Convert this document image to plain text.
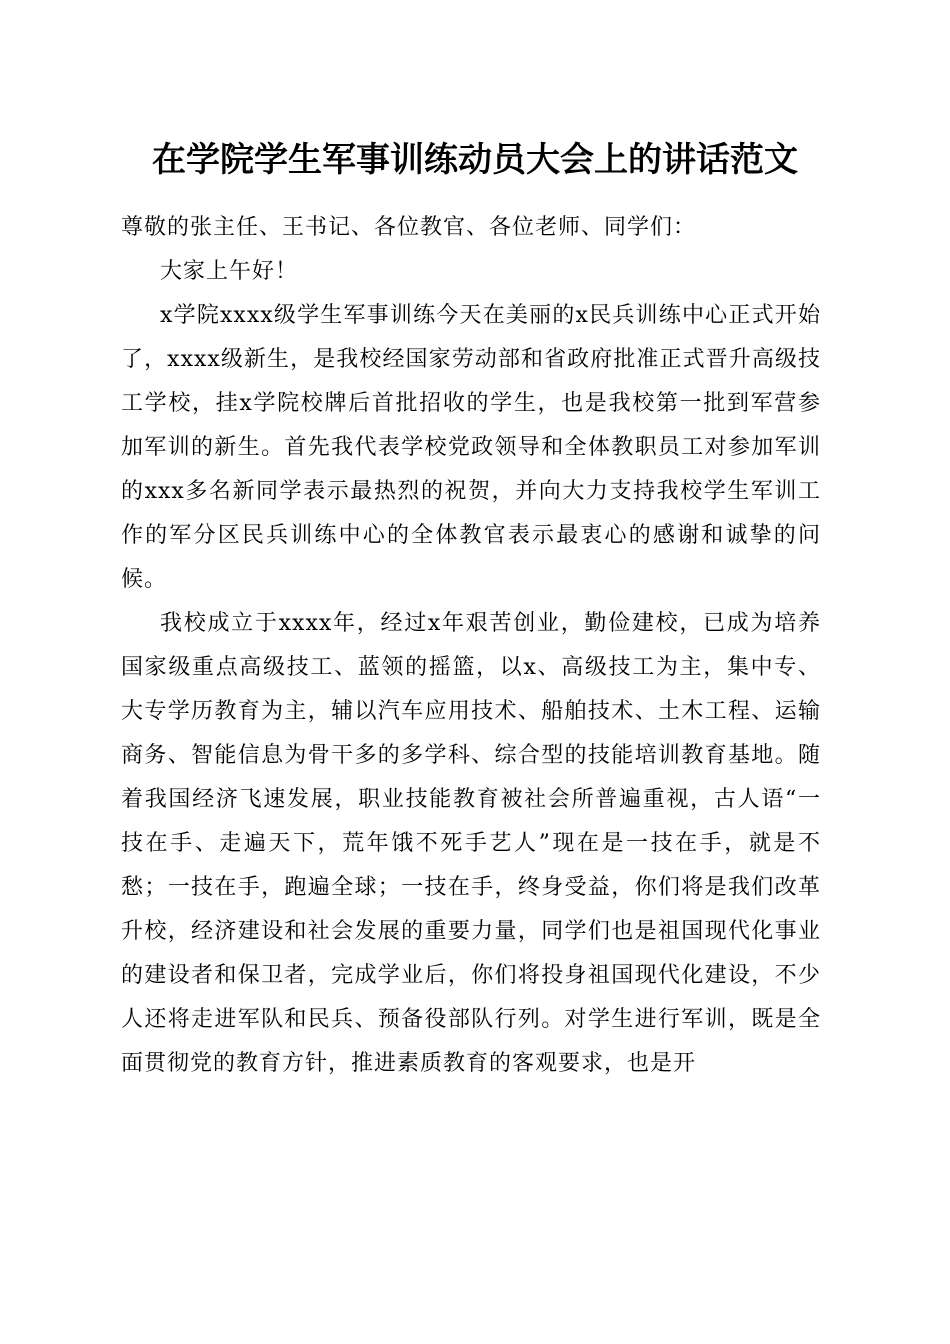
在学院学生军事训练动员大会上的讲话范文

尊敬的张主任、王书记、各位教官、各位老师、同学们：

大家上午好！

x学院xxxx级学生军事训练今天在美丽的x民兵训练中心正式开始了，xxxx级新生，是我校经国家劳动部和省政府批准正式晋升高级技工学校，挂x学院校牌后首批招收的学生，也是我校第一批到军营参加军训的新生。首先我代表学校党政领导和全体教职员工对参加军训的xxx多名新同学表示最热烈的祝贺，并向大力支持我校学生军训工作的军分区民兵训练中心的全体教官表示最衷心的感谢和诚挚的问候。

我校成立于xxxx年，经过x年艰苦创业，勤俭建校，已成为培养国家级重点高级技工、蓝领的摇篮，以x、高级技工为主，集中专、大专学历教育为主，辅以汽车应用技术、船舶技术、土木工程、运输商务、智能信息为骨干多的多学科、综合型的技能培训教育基地。随着我国经济飞速发展，职业技能教育被社会所普遍重视，古人语“一技在手、走遍天下，荒年饿不死手艺人”现在是一技在手，就是不愁；一技在手，跑遍全球；一技在手，终身受益，你们将是我们改革升校，经济建设和社会发展的重要力量，同学们也是祖国现代化事业的建设者和保卫者，完成学业后，你们将投身祖国现代化建设，不少人还将走进军队和民兵、预备役部队行列。对学生进行军训，既是全面贯彻党的教育方针，推进素质教育的客观要求，也是开
